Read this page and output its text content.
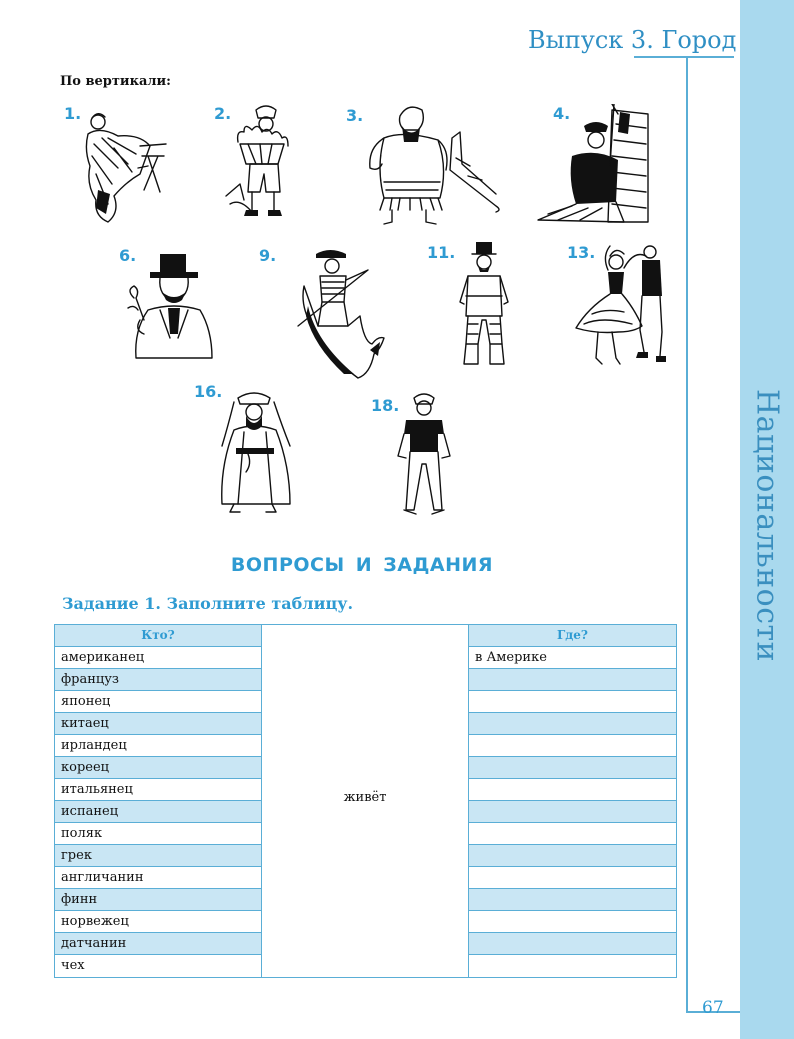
Национальности
Выпуск 3. Город
По вертикали:
1.	2.	3.	4.
6.	9.	11.	13.
16.
18.
ВОПРОСЫ И ЗАДАНИЯ
Задание 1. Заполните таблицу.
Кто?	Где?
американец	в Америке
француз
японец
китаец
ирландец
кореец
итальянец
испанец
поляк
грек
англичанин
финн
норвежец
датчанин
чех
живёт
67
